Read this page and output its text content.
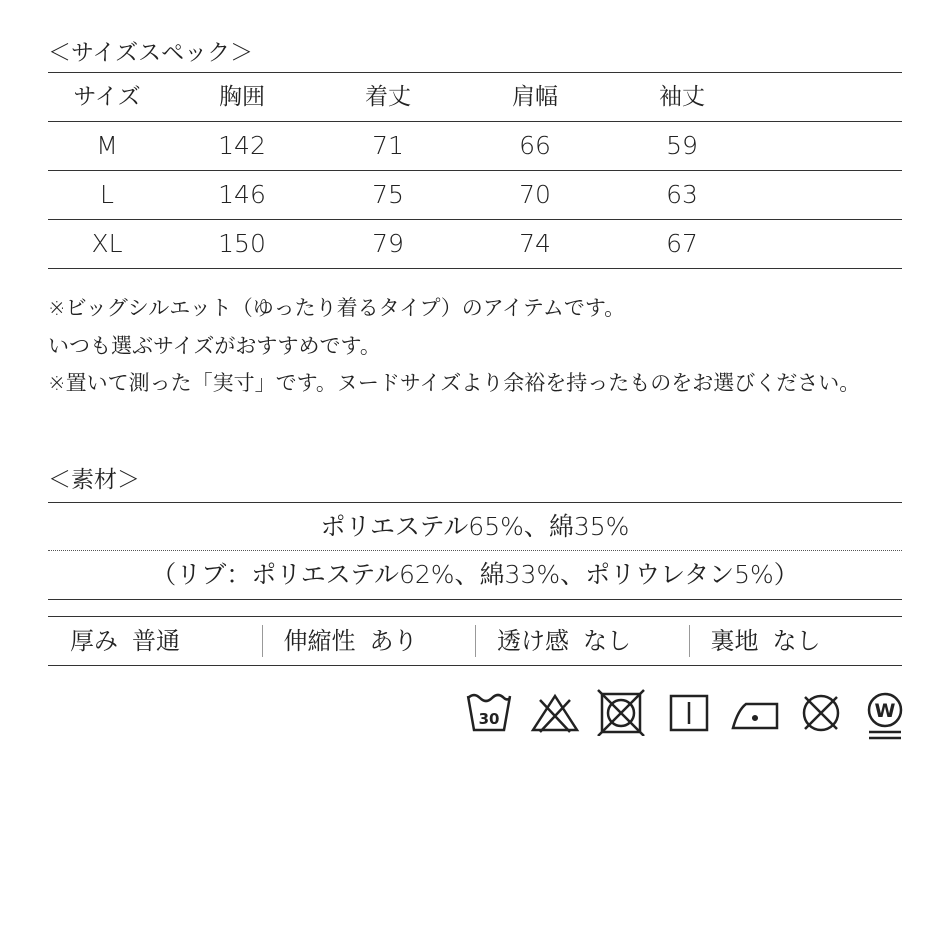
＜サイズスペック＞
サイズ	胸囲	着丈	肩幅	袖丈
M	142	71	66	59
L	146	75	70	63
XL	150	79	74	67
※ビッグシルエット（ゆったり着るタイプ）のアイテムです。
いつも選ぶサイズがおすすめです。
※置いて測った「実寸」です。ヌードサイズより余裕を持ったものをお選びください。
＜素材＞
ポリエステル65%、綿35%
（リブ：ポリエステル62%、綿33%、ポリウレタン5%）
厚み 普通	伸縮性 あり	透け感 なし	裏地 なし
30	W
